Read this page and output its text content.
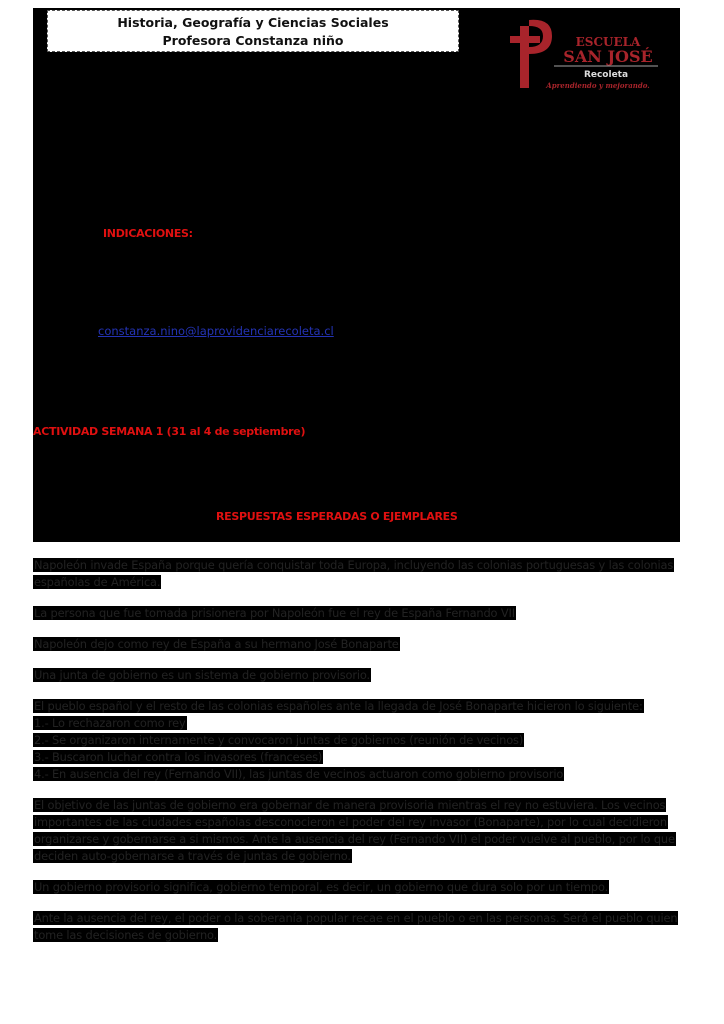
Historia, Geografía y Ciencias Sociales
Profesora Constanza niño	ESCUELA
SAN JOSÉ
Recoleta
Aprendiendo y mejorando.
INDICACIONES:
constanza.nino@laprovidenciarecoleta.cl
ACTIVIDAD SEMANA 1 (31 al 4 de septiembre)
RESPUESTAS ESPERADAS O EJEMPLARES

Napoleón invade España porque quería conquistar toda Europa, incluyendo las colonias portuguesas y las colonias
españolas de América.

La persona que fue tomada prisionera por Napoleón fue el rey de España Fernando VII

Napoleón dejo como rey de España a su hermano José Bonaparte

Una junta de gobierno es un sistema de gobierno provisorio.

El pueblo español y el resto de las colonias españoles ante la llegada de José Bonaparte hicieron lo siguiente:
1.- Lo rechazaron como rey
2.- Se organizaron internamente y convocaron juntas de gobiernos (reunión de vecinos)
3.- Buscaron luchar contra los invasores (franceses)
4.- En ausencia del rey (Fernando VII), las juntas de vecinos actuaron como gobierno provisorio

El objetivo de las juntas de gobierno era gobernar de manera provisoria mientras el rey no estuviera. Los vecinos
importantes de las ciudades españolas desconocieron el poder del rey invasor (Bonaparte), por lo cual decidieron
organizarse y gobernarse a si mismos. Ante la ausencia del rey (Fernando VII) el poder vuelve al pueblo, por lo que
deciden auto-gobernarse a través de juntas de gobierno.

Un gobierno provisorio significa, gobierno temporal, es decir, un gobierno que dura solo por un tiempo.

Ante la ausencia del rey, el poder o la soberanía popular recae en el pueblo o en las personas. Será el pueblo quien
tome las decisiones de gobierno.
